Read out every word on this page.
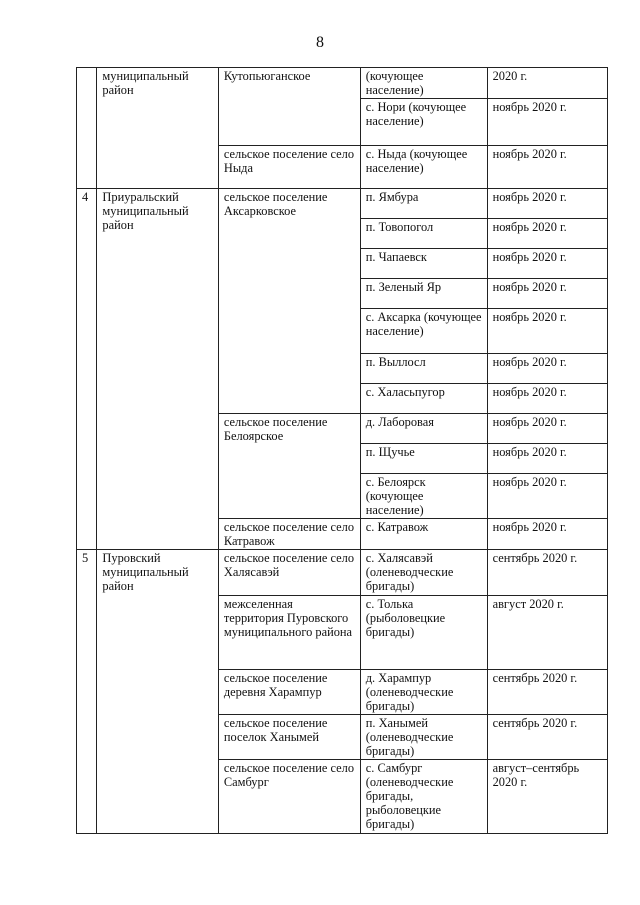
8
	муниципальный район	Кутопьюганское	(кочующее население)	2020 г.
			с. Нори (кочующее население)	ноябрь 2020 г.
		сельское поселение село Ныда	с. Ныда (кочующее население)	ноябрь 2020 г.
4	Приуральский муниципальный район	сельское поселение Аксарковское	п. Ямбура	ноябрь 2020 г.
			п. Товопогол	ноябрь 2020 г.
			п. Чапаевск	ноябрь 2020 г.
			п. Зеленый Яр	ноябрь 2020 г.
			с. Аксарка (кочующее население)	ноябрь 2020 г.
			п. Выллосл	ноябрь 2020 г.
			с. Халасьпугор	ноябрь 2020 г.
		сельское поселение Белоярское	д. Лаборовая	ноябрь 2020 г.
			п. Щучье	ноябрь 2020 г.
			с. Белоярск (кочующее население)	ноябрь 2020 г.
		сельское поселение село Катравож	с. Катравож	ноябрь 2020 г.
5	Пуровский муниципальный район	сельское поселение село Халясавэй	с. Халясавэй (оленеводческие бригады)	сентябрь 2020 г.
		межселенная территория Пуровского муниципального района	с. Толька (рыболовецкие бригады)	август 2020 г.
		сельское поселение деревня Харампур	д. Харампур (оленеводческие бригады)	сентябрь 2020 г.
		сельское поселение поселок Ханымей	п. Ханымей (оленеводческие бригады)	сентябрь 2020 г.
		сельское поселение село Самбург	с. Самбург (оленеводческие бригады, рыболовецкие бригады)	август–сентябрь 2020 г.
